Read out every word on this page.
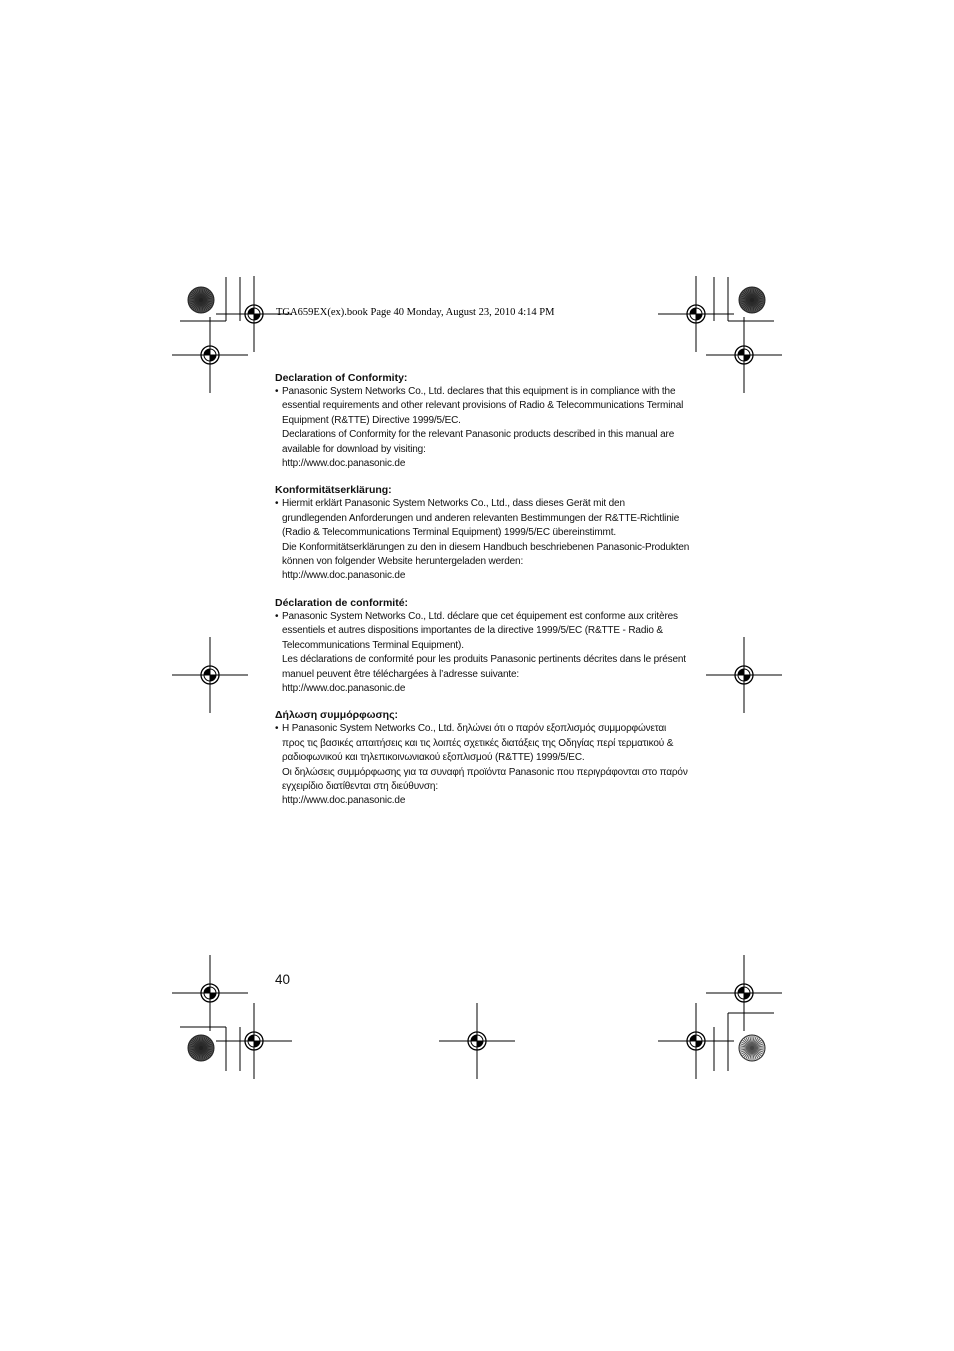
TGA659EX(ex).book Page 40 Monday, August 23, 2010 4:14 PM

Declaration of Conformity:

• Panasonic System Networks Co., Ltd. declares that this equipment is in compliance with the essential requirements and other relevant provisions of Radio & Telecommunications Terminal Equipment (R&TTE) Directive 1999/5/EC.

Declarations of Conformity for the relevant Panasonic products described in this manual are available for download by visiting:

http://www.doc.panasonic.de

Konformitätserklärung:

• Hiermit erklärt Panasonic System Networks Co., Ltd., dass dieses Gerät mit den grundlegenden Anforderungen und anderen relevanten Bestimmungen der R&TTE-Richtlinie (Radio & Telecommunications Terminal Equipment) 1999/5/EC übereinstimmt.

Die Konformitätserklärungen zu den in diesem Handbuch beschriebenen Panasonic-Produkten können von folgender Website heruntergeladen werden:

http://www.doc.panasonic.de

Déclaration de conformité:

• Panasonic System Networks Co., Ltd. déclare que cet équipement est conforme aux critères essentiels et autres dispositions importantes de la directive 1999/5/EC (R&TTE - Radio & Telecommunications Terminal Equipment).

Les déclarations de conformité pour les produits Panasonic pertinents décrites dans le présent manuel peuvent être téléchargées à l’adresse suivante:

http://www.doc.panasonic.de

Δήλωση συμμόρφωσης:

• H Panasonic System Networks Co., Ltd. δηλώνει ότι ο παρόν εξοπλισμός συμμορφώνεται προς τις βασικές απαιτήσεις και τις λοιπές σχετικές διατάξεις της Οδηγίας περί τερματικού & ραδιοφωνικού και τηλεπικοινωνιακού εξοπλισμού (R&TTE) 1999/5/EC.

Οι δηλώσεις συμμόρφωσης για τα συναφή προϊόντα Panasonic που περιγράφονται στο παρόν εγχειρίδιο διατίθενται στη διεύθυνση:

http://www.doc.panasonic.de

40
